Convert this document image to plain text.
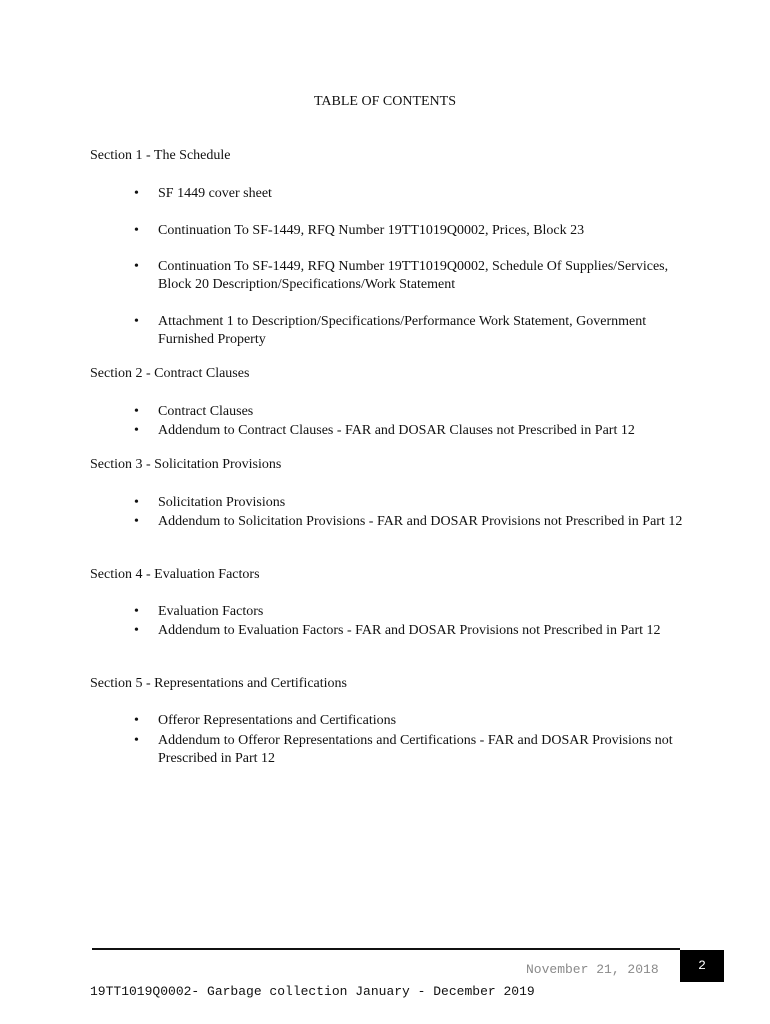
TABLE OF CONTENTS
Section 1 - The Schedule
• SF 1449 cover sheet
• Continuation To SF-1449, RFQ Number 19TT1019Q0002, Prices, Block 23
• Continuation To SF-1449, RFQ Number 19TT1019Q0002, Schedule Of Supplies/Services, Block 20 Description/Specifications/Work Statement
• Attachment 1 to Description/Specifications/Performance Work Statement, Government Furnished Property
Section 2 - Contract Clauses
• Contract Clauses
• Addendum to Contract Clauses - FAR and DOSAR Clauses not Prescribed in Part 12
Section 3 - Solicitation Provisions
• Solicitation Provisions
• Addendum to Solicitation Provisions - FAR and DOSAR Provisions not Prescribed in Part 12
Section 4 - Evaluation Factors
• Evaluation Factors
• Addendum to Evaluation Factors - FAR and DOSAR Provisions not Prescribed in Part 12
Section 5 - Representations and Certifications
• Offeror Representations and Certifications
• Addendum to Offeror Representations and Certifications - FAR and DOSAR Provisions not Prescribed in Part 12
November 21, 2018	2
19TT1019Q0002- Garbage collection January - December 2019
